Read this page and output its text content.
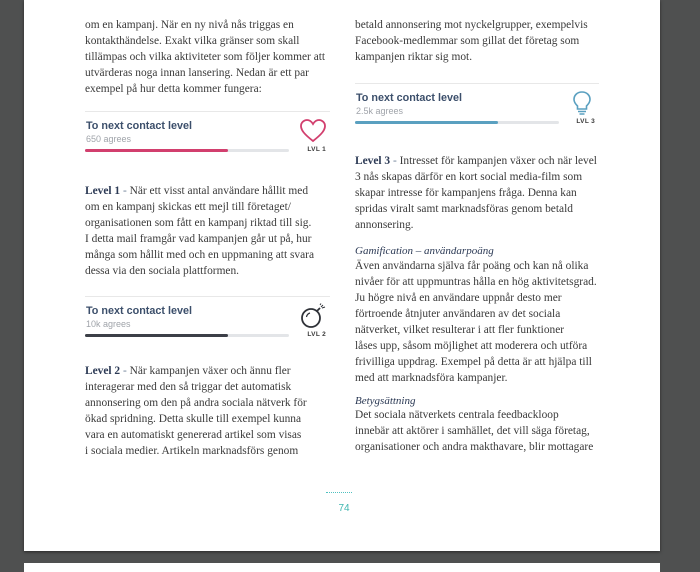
om en kampanj. När en ny nivå nås triggas en
kontakthändelse. Exakt vilka gränser som skall
tillämpas och vilka aktiviteter som följer kommer att
utvärderas noga innan lansering. Nedan är ett par
exempel på hur detta kommer fungera:
To next contact level
650 agrees
LVL 1
Level 1 - När ett visst antal användare hållit med
om en kampanj skickas ett mejl till företaget/
organisationen som fått en kampanj riktad till sig.
I detta mail framgår vad kampanjen går ut på, hur
många som hållit med och en uppmaning att svara
dessa via den sociala plattformen.
To next contact level
10k agrees
LVL 2
Level 2 - När kampanjen växer och ännu fler
interagerar med den så triggar det automatisk
annonsering om den på andra sociala nätverk för
ökad spridning. Detta skulle till exempel kunna
vara en automatiskt genererad artikel som visas
i sociala medier. Artikeln marknadsförs genom
betald annonsering mot nyckelgrupper, exempelvis
Facebook-medlemmar som gillat det företag som
kampanjen riktar sig mot.
To next contact level
2.5k agrees
LVL 3
Level 3 - Intresset för kampanjen växer och när level
3 nås skapas därför en kort social media-film som
skapar intresse för kampanjens fråga. Denna kan
spridas viralt samt marknadsföras genom betald
annonsering.
Gamification – användarpoäng
Även användarna själva får poäng och kan nå olika
nivåer för att uppmuntras hålla en hög aktivitetsgrad.
Ju högre nivå en användare uppnår desto mer
förtroende åtnjuter användaren av det sociala
nätverket, vilket resulterar i att fler funktioner
låses upp, såsom möjlighet att moderera och utföra
frivilliga uppdrag. Exempel på detta är att hjälpa till
med att marknadsföra kampanjer.
Betygsättning
Det sociala nätverkets centrala feedbackloop
innebär att aktörer i samhället, det vill säga företag,
organisationer och andra makthavare, blir mottagare
74
